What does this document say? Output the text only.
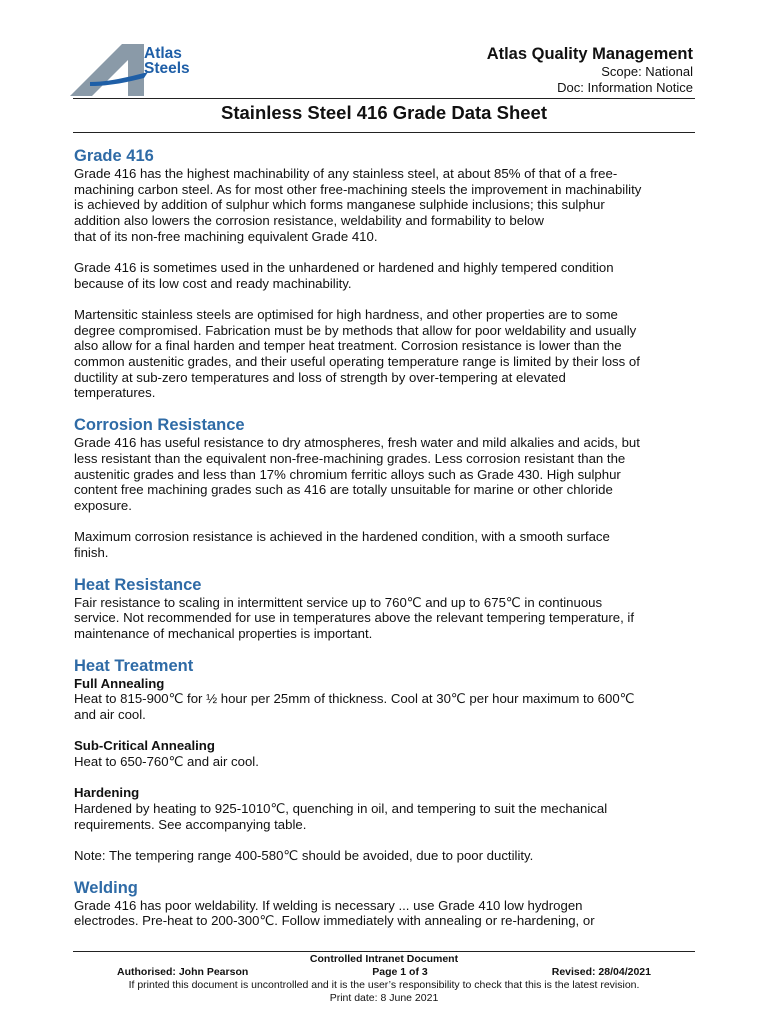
Atlas
Steels
Atlas Quality Management
Scope: National
Doc: Information Notice
Stainless Steel 416 Grade Data Sheet
Grade 416

Grade 416 has the highest machinability of any stainless steel, at about 85% of that of a free-
machining carbon steel. As for most other free-machining steels the improvement in machinability
is achieved by addition of sulphur which forms manganese sulphide inclusions; this sulphur
addition also lowers the corrosion resistance, weldability and formability to below
that of its non-free machining equivalent Grade 410.

Grade 416 is sometimes used in the unhardened or hardened and highly tempered condition
because of its low cost and ready machinability.

Martensitic stainless steels are optimised for high hardness, and other properties are to some
degree compromised. Fabrication must be by methods that allow for poor weldability and usually
also allow for a final harden and temper heat treatment. Corrosion resistance is lower than the
common austenitic grades, and their useful operating temperature range is limited by their loss of
ductility at sub-zero temperatures and loss of strength by over-tempering at elevated
temperatures.

Corrosion Resistance

Grade 416 has useful resistance to dry atmospheres, fresh water and mild alkalies and acids, but
less resistant than the equivalent non-free-machining grades. Less corrosion resistant than the
austenitic grades and less than 17% chromium ferritic alloys such as Grade 430. High sulphur
content free machining grades such as 416 are totally unsuitable for marine or other chloride
exposure.

Maximum corrosion resistance is achieved in the hardened condition, with a smooth surface
finish.

Heat Resistance

Fair resistance to scaling in intermittent service up to 760℃ and up to 675℃ in continuous
service. Not recommended for use in temperatures above the relevant tempering temperature, if
maintenance of mechanical properties is important.

Heat Treatment
Full Annealing

Heat to 815-900℃ for ½ hour per 25mm of thickness. Cool at 30℃ per hour maximum to 600℃
and air cool.

Sub-Critical Annealing

Heat to 650-760℃ and air cool.

Hardening

Hardened by heating to 925-1010℃, quenching in oil, and tempering to suit the mechanical
requirements. See accompanying table.

Note: The tempering range 400-580℃ should be avoided, due to poor ductility.

Welding

Grade 416 has poor weldability. If welding is necessary ... use Grade 410 low hydrogen
electrodes. Pre-heat to 200-300℃. Follow immediately with annealing or re-hardening, or

Controlled Intranet Document
Authorised: John Pearson	Page 1 of 3	Revised: 28/04/2021
If printed this document is uncontrolled and it is the user’s responsibility to check that this is the latest revision.
Print date: 8 June 2021
